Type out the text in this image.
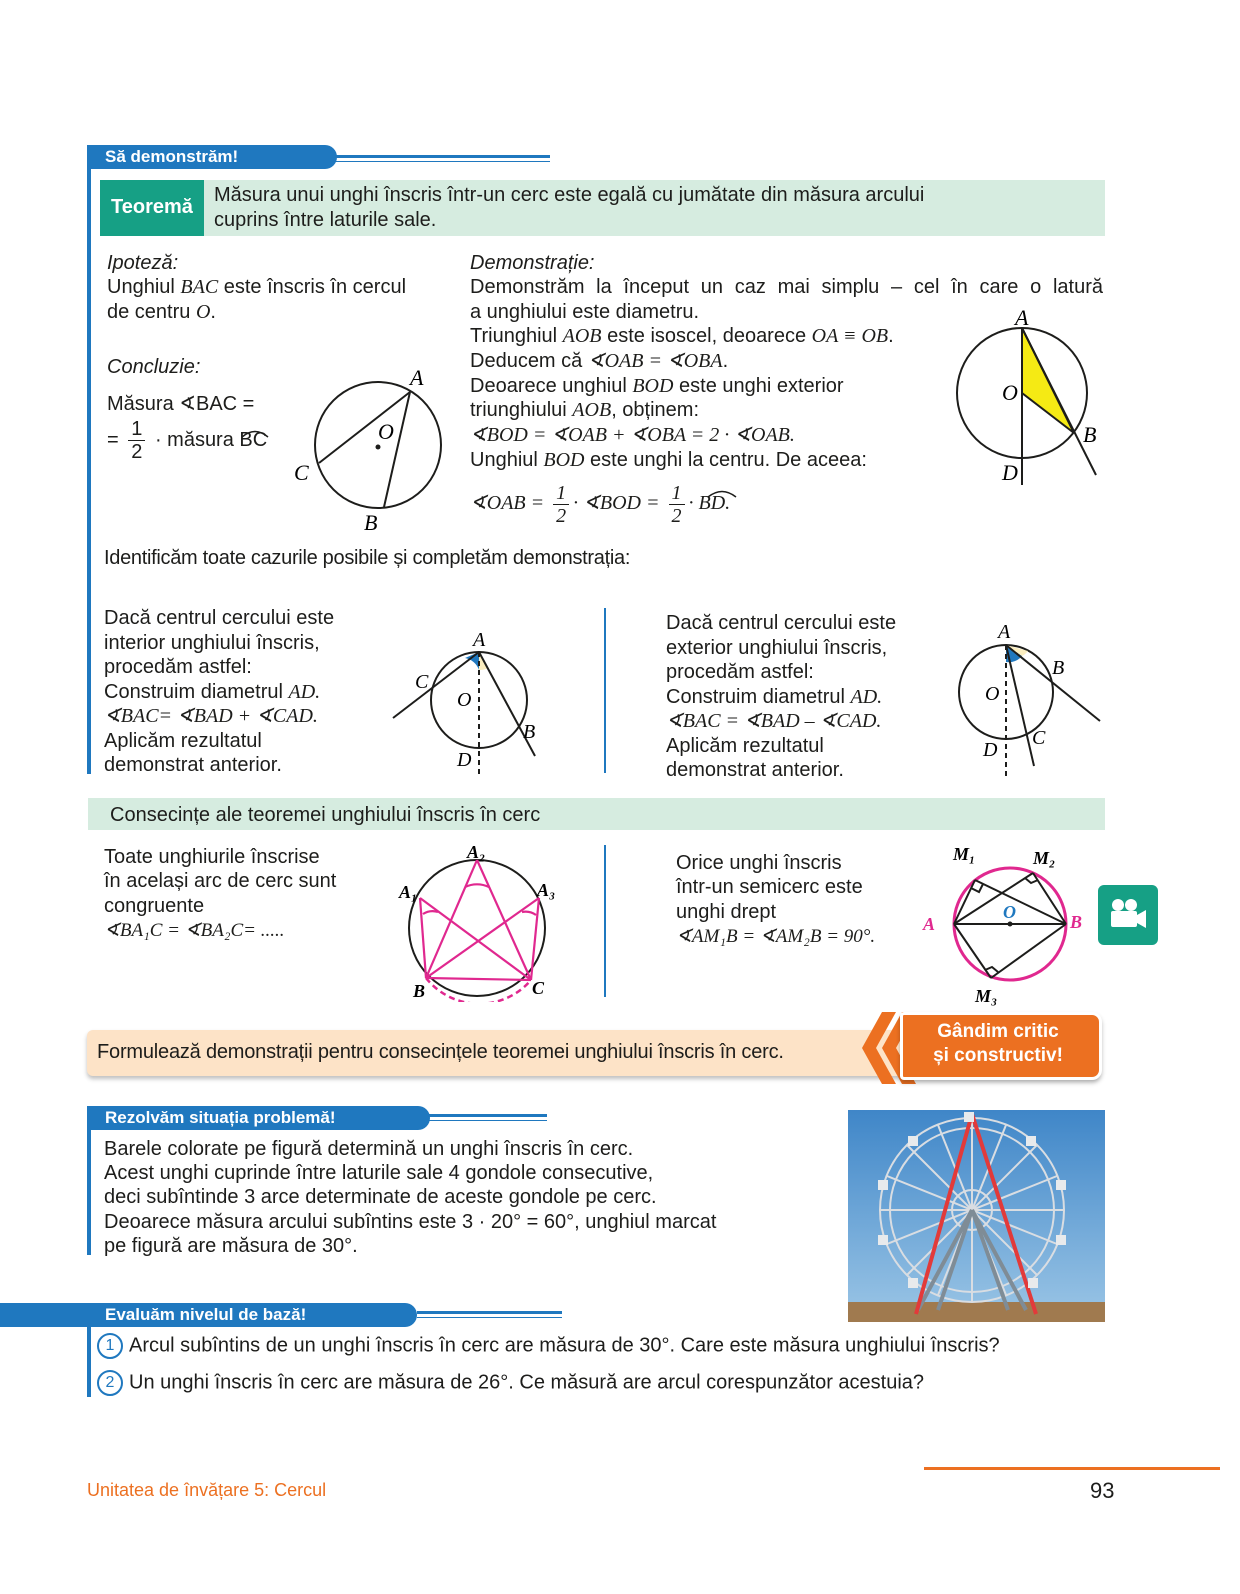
Să demonstrăm!
Teoremă
Măsura unui unghi înscris într-un cerc este egală cu jumătate din măsura arcului
cuprins între laturile sale.
Ipoteză:
Unghiul BAC este înscris în cercul
de centru O.
Concluzie:
Măsura ∢BAC =
= $\frac{1}{2}$ · măsura BC
A
O
C
B
Demonstrație:
Demonstrăm la început un caz mai simplu – cel în care o latură
a unghiului este diametru.
Triunghiul AOB este isoscel, deoarece OA ≡ OB.
Deducem că ∢OAB = ∢OBA.
Deoarece unghiul BOD este unghi exterior
triunghiului AOB, obținem:
∢BOD = ∢OAB + ∢OBA = 2 · ∢OAB.
Unghiul BOD este unghi la centru. De aceea:
∢OAB = $\frac{1}{2}$ · ∢BOD = $\frac{1}{2}$ · BD.
A
O
B
D
Identificăm toate cazurile posibile și completăm demonstrația:
Dacă centrul cercului este
interior unghiului înscris,
procedăm astfel:
Construim diametrul AD.
∢BAC= ∢BAD + ∢CAD.
Aplicăm rezultatul
demonstrat anterior.
A
C
O
B
D
Dacă centrul cercului este
exterior unghiului înscris,
procedăm astfel:
Construim diametrul AD.
∢BAC = ∢BAD – ∢CAD.
Aplicăm rezultatul
demonstrat anterior.
A
B
O
C
D
Consecințe ale teoremei unghiului înscris în cerc
Toate unghiurile înscrise
în același arc de cerc sunt
congruente
∢BA₁C = ∢BA₂C= .....
A₂
A₁	A₃
B	C
Orice unghi înscris
într-un semicerc este
unghi drept
∢AM₁B = ∢AM₂B = 90°.
M₁	M₂
A	B
O
M₃
Formulează demonstrații pentru consecințele teoremei unghiului înscris în cerc.
Gândim critic
și constructiv!
Rezolvăm situația problemă!
Barele colorate pe figură determină un unghi înscris în cerc.
Acest unghi cuprinde între laturile sale 4 gondole consecutive,
deci subîntinde 3 arce determinate de aceste gondole pe cerc.
Deoarece măsura arcului subîntins este 3 · 20° = 60°, unghiul marcat
pe figură are măsura de 30°.
Evaluăm nivelul de bază!
1 Arcul subîntins de un unghi înscris în cerc are măsura de 30°. Care este măsura unghiului înscris?
2 Un unghi înscris în cerc are măsura de 26°. Ce măsură are arcul corespunzător acestuia?
Unitatea de învățare 5: Cercul	93
